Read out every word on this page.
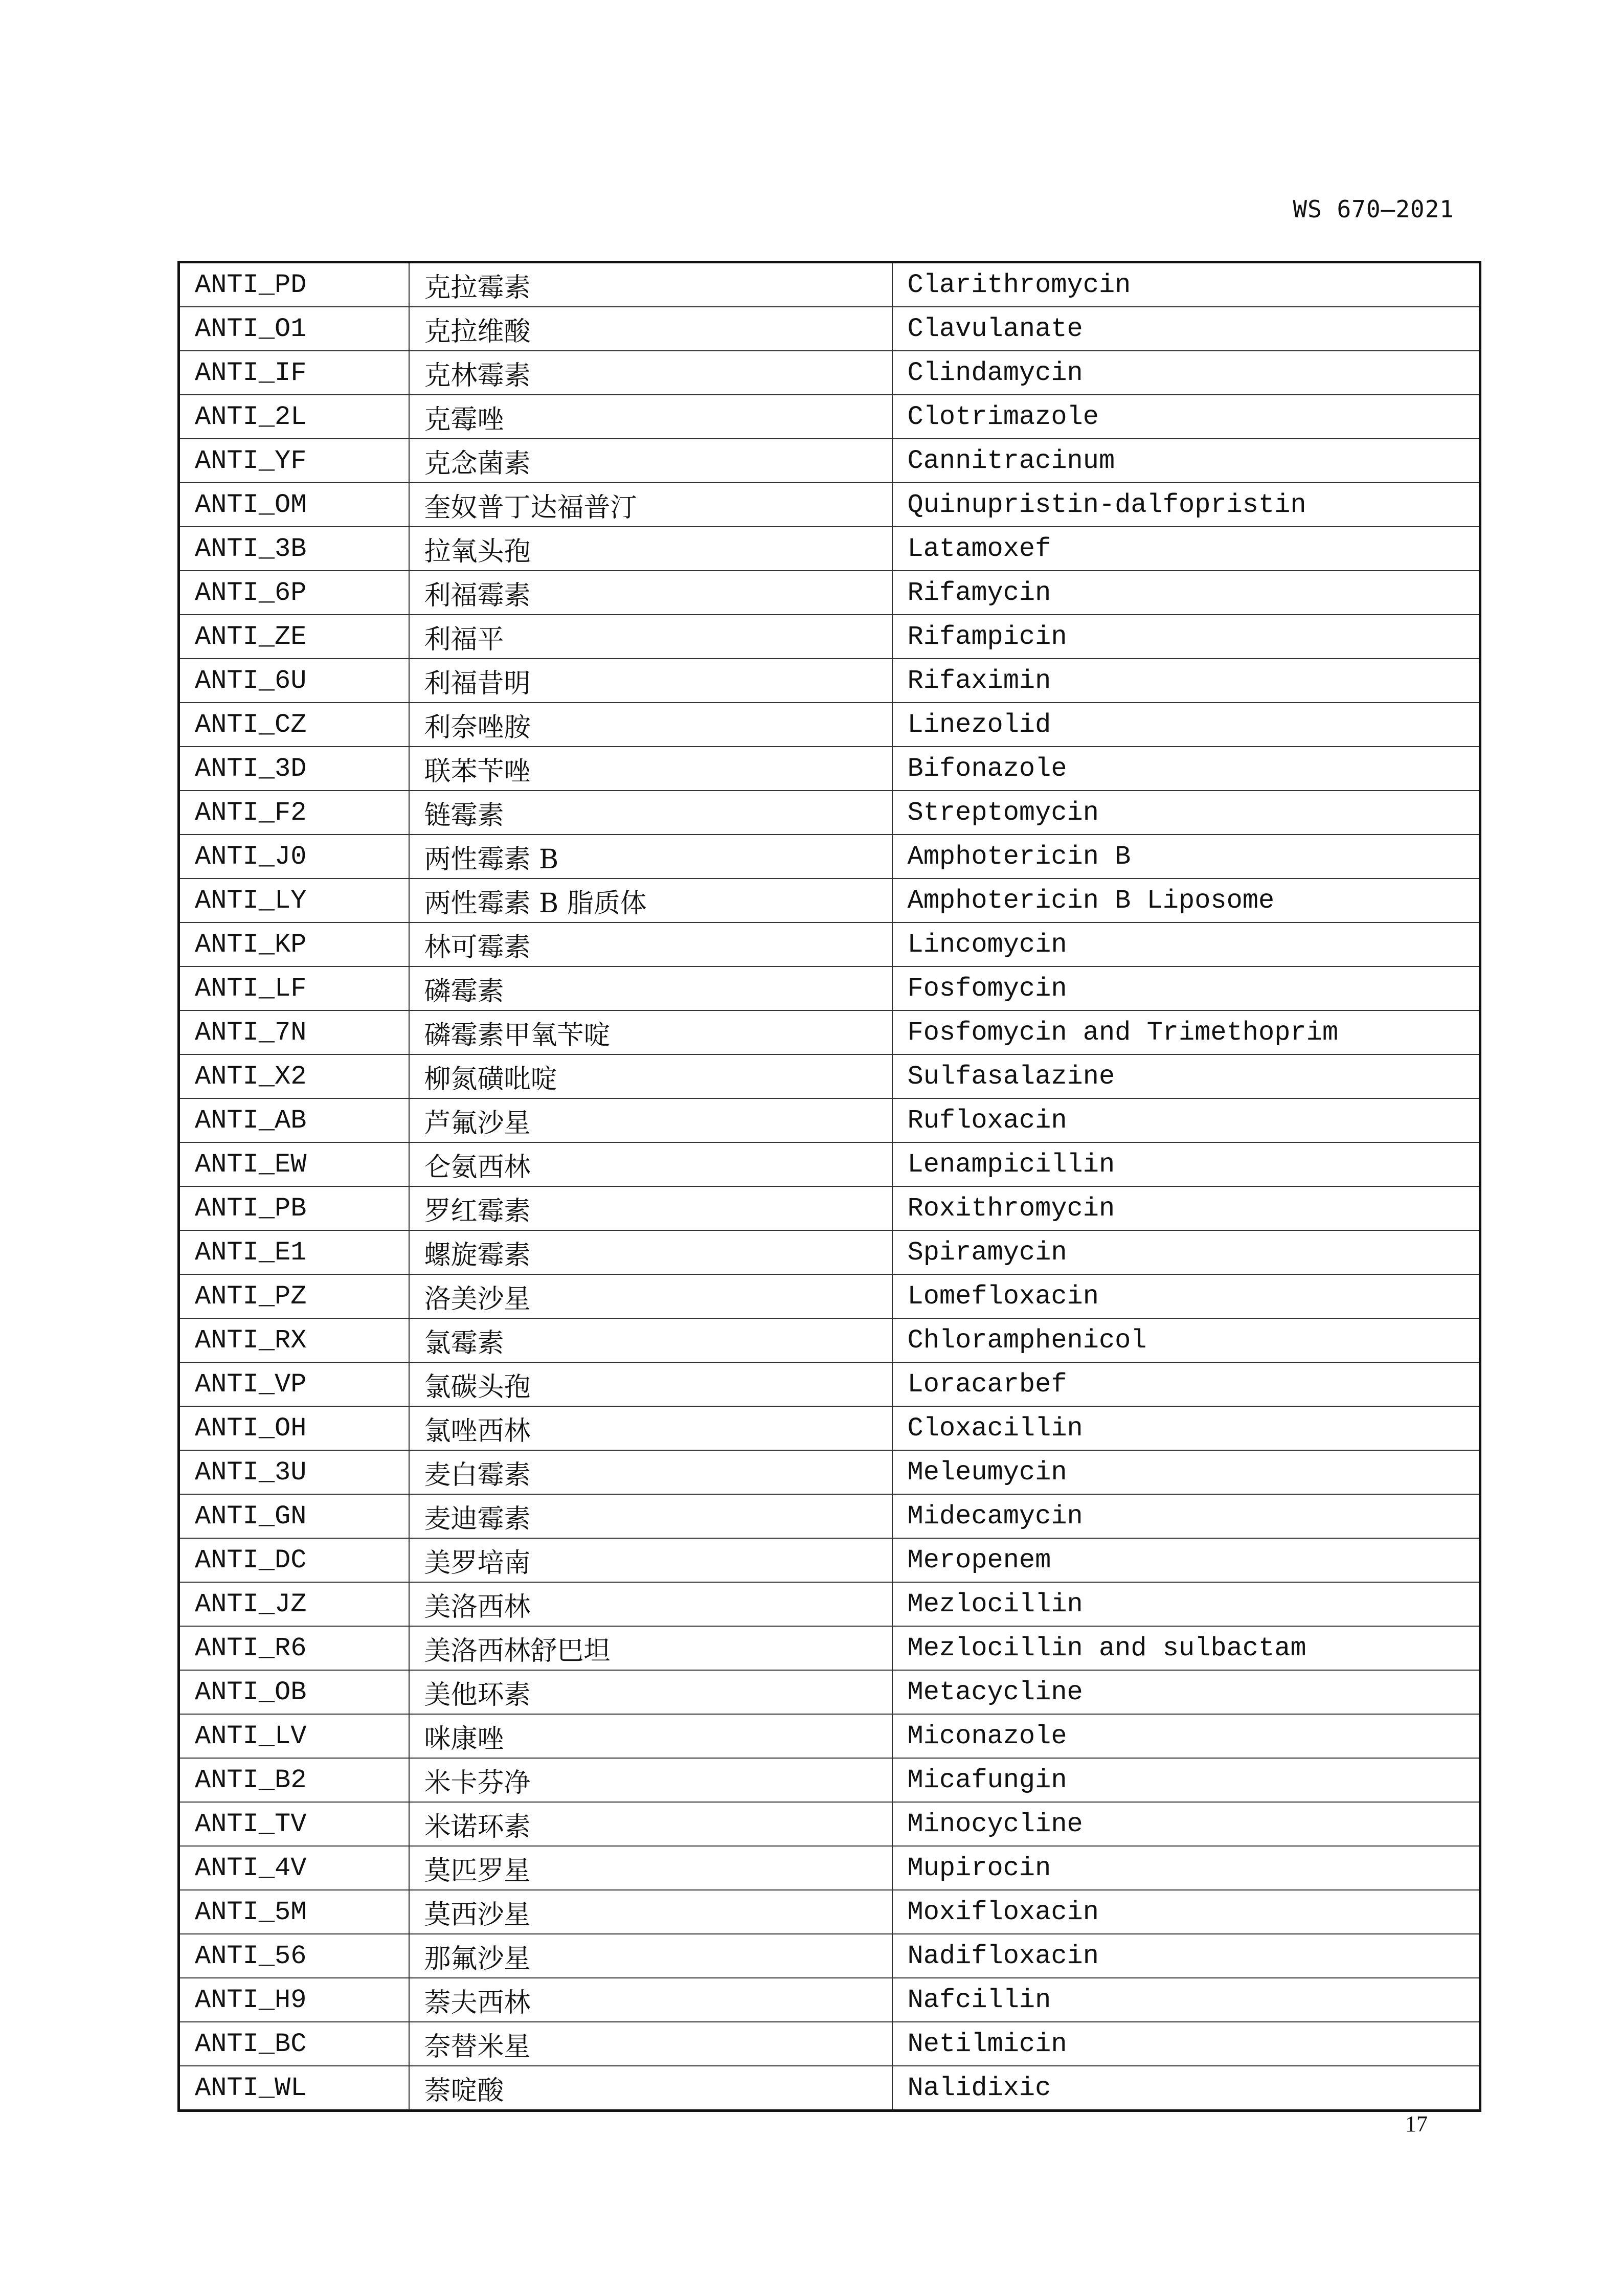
WS 670—2021
ANTI_PD	克拉霉素	Clarithromycin
ANTI_O1	克拉维酸	Clavulanate
ANTI_IF	克林霉素	Clindamycin
ANTI_2L	克霉唑	Clotrimazole
ANTI_YF	克念菌素	Cannitracinum
ANTI_OM	奎奴普丁达福普汀	Quinupristin-dalfopristin
ANTI_3B	拉氧头孢	Latamoxef
ANTI_6P	利福霉素	Rifamycin
ANTI_ZE	利福平	Rifampicin
ANTI_6U	利福昔明	Rifaximin
ANTI_CZ	利奈唑胺	Linezolid
ANTI_3D	联苯苄唑	Bifonazole
ANTI_F2	链霉素	Streptomycin
ANTI_J0	两性霉素 B	Amphotericin B
ANTI_LY	两性霉素 B 脂质体	Amphotericin B Liposome
ANTI_KP	林可霉素	Lincomycin
ANTI_LF	磷霉素	Fosfomycin
ANTI_7N	磷霉素甲氧苄啶	Fosfomycin and Trimethoprim
ANTI_X2	柳氮磺吡啶	Sulfasalazine
ANTI_AB	芦氟沙星	Rufloxacin
ANTI_EW	仑氨西林	Lenampicillin
ANTI_PB	罗红霉素	Roxithromycin
ANTI_E1	螺旋霉素	Spiramycin
ANTI_PZ	洛美沙星	Lomefloxacin
ANTI_RX	氯霉素	Chloramphenicol
ANTI_VP	氯碳头孢	Loracarbef
ANTI_OH	氯唑西林	Cloxacillin
ANTI_3U	麦白霉素	Meleumycin
ANTI_GN	麦迪霉素	Midecamycin
ANTI_DC	美罗培南	Meropenem
ANTI_JZ	美洛西林	Mezlocillin
ANTI_R6	美洛西林舒巴坦	Mezlocillin and sulbactam
ANTI_OB	美他环素	Metacycline
ANTI_LV	咪康唑	Miconazole
ANTI_B2	米卡芬净	Micafungin
ANTI_TV	米诺环素	Minocycline
ANTI_4V	莫匹罗星	Mupirocin
ANTI_5M	莫西沙星	Moxifloxacin
ANTI_56	那氟沙星	Nadifloxacin
ANTI_H9	萘夫西林	Nafcillin
ANTI_BC	奈替米星	Netilmicin
ANTI_WL	萘啶酸	Nalidixic
17
